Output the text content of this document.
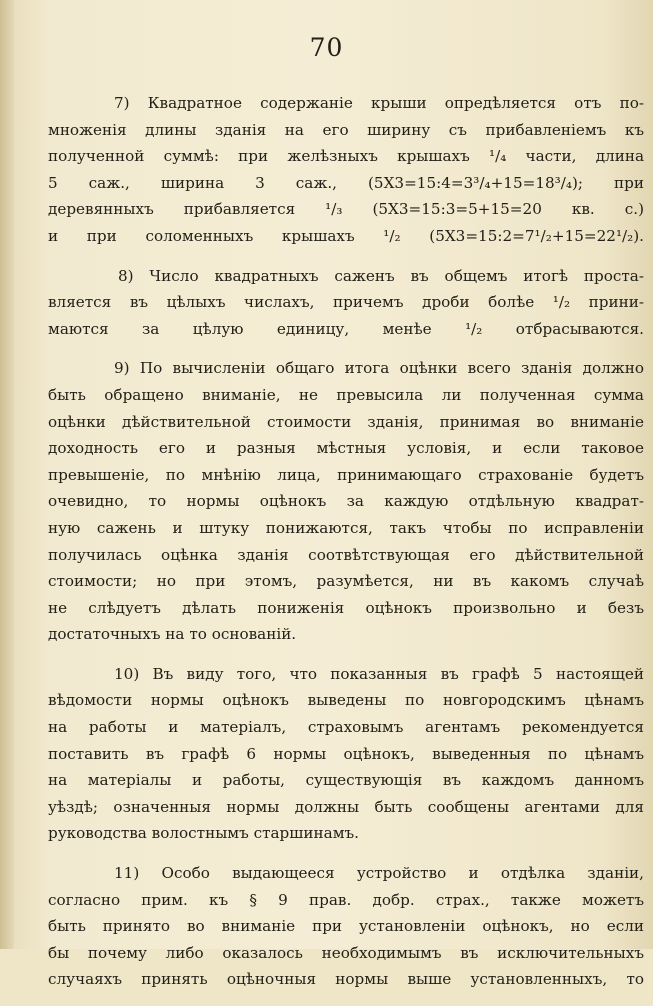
70
7) Квадратное содержаніе крыши опредѣляется отъ по-
множенія длины зданія на его ширину съ прибавленіемъ къ
полученной суммѣ: при желѣзныхъ крышахъ ¹/₄ части, длина
5 саж., ширина 3 саж., (5X3=15:4=3³/₄+15=18³/₄); при
деревянныхъ прибавляется ¹/₃ (5X3=15:3=5+15=20 кв. с.)
и при соломенныхъ крышахъ ¹/₂ (5X3=15:2=7¹/₂+15=22¹/₂).
8) Число квадратныхъ саженъ въ общемъ итогѣ проста-
вляется въ цѣлыхъ числахъ, причемъ дроби болѣе ¹/₂ прини-
маются за цѣлую единицу, менѣе ¹/₂ отбрасываются.
9) По вычисленіи общаго итога оцѣнки всего зданія должно
быть обращено вниманіе, не превысила ли полученная сумма
оцѣнки дѣйствительной стоимости зданія, принимая во вниманіе
доходность его и разныя мѣстныя условія, и если таковое
превышеніе, по мнѣнію лица, принимающаго страхованіе будетъ
очевидно, то нормы оцѣнокъ за каждую отдѣльную квадрат-
ную сажень и штуку понижаются, такъ чтобы по исправленіи
получилась оцѣнка зданія соотвѣтствующая его дѣйствительной
стоимости; но при этомъ, разумѣется, ни въ какомъ случаѣ
не слѣдуетъ дѣлать пониженія оцѣнокъ произвольно и безъ
достаточныхъ на то основаній.
10) Въ виду того, что показанныя въ графѣ 5 настоящей
вѣдомости нормы оцѣнокъ выведены по новгородскимъ цѣнамъ
на работы и матеріалъ, страховымъ агентамъ рекомендуется
поставить въ графѣ 6 нормы оцѣнокъ, выведенныя по цѣнамъ
на матеріалы и работы, существующія въ каждомъ данномъ
уѣздѣ; означенныя нормы должны быть сообщены агентами для
руководства волостнымъ старшинамъ.
11) Особо выдающееся устройство и отдѣлка зданіи,
согласно прим. къ § 9 прав. добр. страх., также можетъ
быть принято во вниманіе при установленіи оцѣнокъ, но если
бы почему либо оказалось необходимымъ въ исключительныхъ
случаяхъ принять оцѣночныя нормы выше установленныхъ, то
